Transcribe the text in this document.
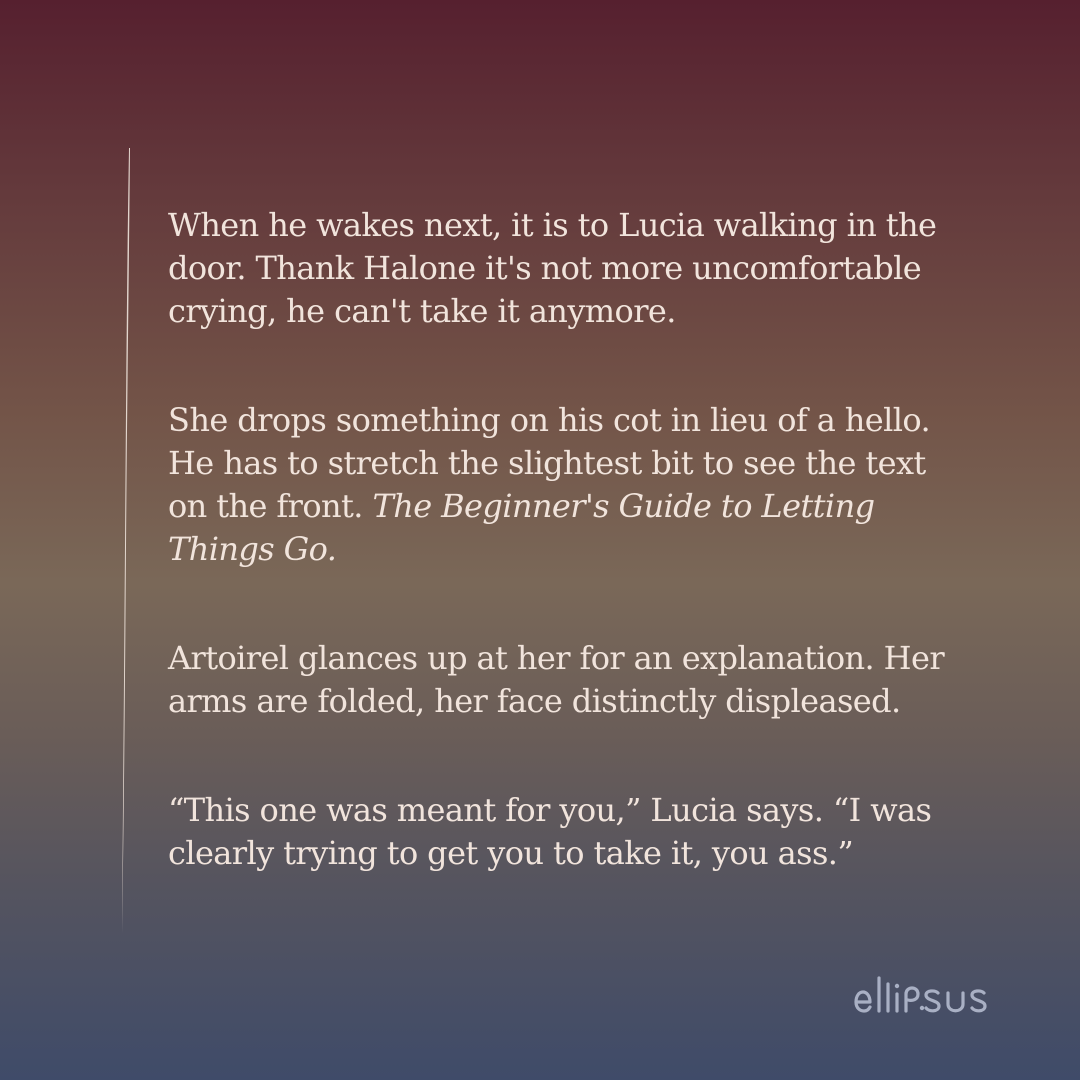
When he wakes next, it is to Lucia walking in the door. Thank Halone it's not more uncomfortable crying, he can't take it anymore.

She drops something on his cot in lieu of a hello. He has to stretch the slightest bit to see the text on the front. The Beginner's Guide to Letting Things Go.

Artoirel glances up at her for an explanation. Her arms are folded, her face distinctly displeased.

“This one was meant for you,” Lucia says. “I was clearly trying to get you to take it, you ass.”
